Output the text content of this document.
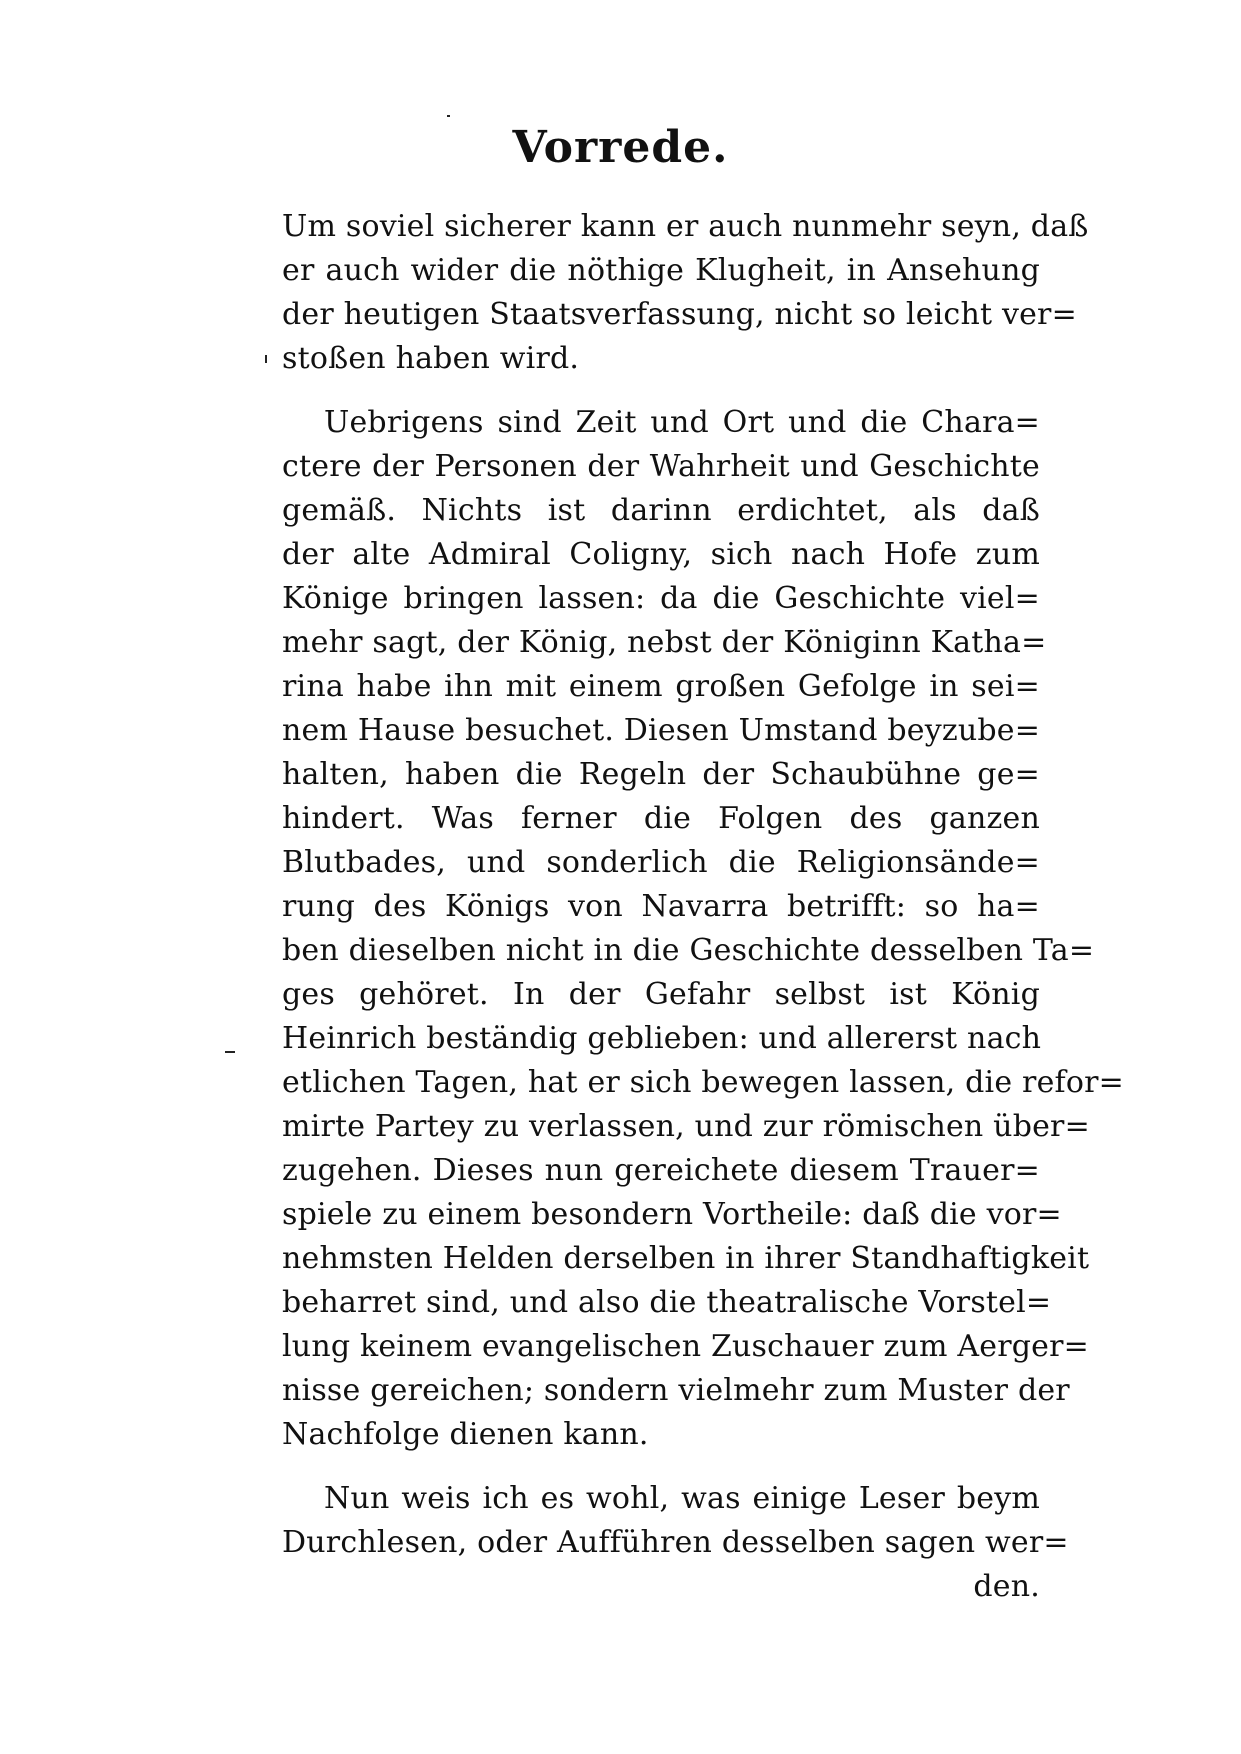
Vorrede.
Um soviel sicherer kann er auch nunmehr seyn, daß
er auch wider die nöthige Klugheit, in Ansehung
der heutigen Staatsverfassung, nicht so leicht ver=
stoßen haben wird.
Uebrigens sind Zeit und Ort und die Chara=
ctere der Personen der Wahrheit und Geschichte
gemäß. Nichts ist darinn erdichtet, als daß
der alte Admiral Coligny, sich nach Hofe zum
Könige bringen lassen: da die Geschichte viel=
mehr sagt, der König, nebst der Königinn Katha=
rina habe ihn mit einem großen Gefolge in sei=
nem Hause besuchet. Diesen Umstand beyzube=
halten, haben die Regeln der Schaubühne ge=
hindert. Was ferner die Folgen des ganzen
Blutbades, und sonderlich die Religionsände=
rung des Königs von Navarra betrifft: so ha=
ben dieselben nicht in die Geschichte desselben Ta=
ges gehöret. In der Gefahr selbst ist König
Heinrich beständig geblieben: und allererst nach
etlichen Tagen, hat er sich bewegen lassen, die refor=
mirte Partey zu verlassen, und zur römischen über=
zugehen. Dieses nun gereichete diesem Trauer=
spiele zu einem besondern Vortheile: daß die vor=
nehmsten Helden derselben in ihrer Standhaftigkeit
beharret sind, und also die theatralische Vorstel=
lung keinem evangelischen Zuschauer zum Aerger=
nisse gereichen; sondern vielmehr zum Muster der
Nachfolge dienen kann.
Nun weis ich es wohl, was einige Leser beym
Durchlesen, oder Aufführen desselben sagen wer=
den.
